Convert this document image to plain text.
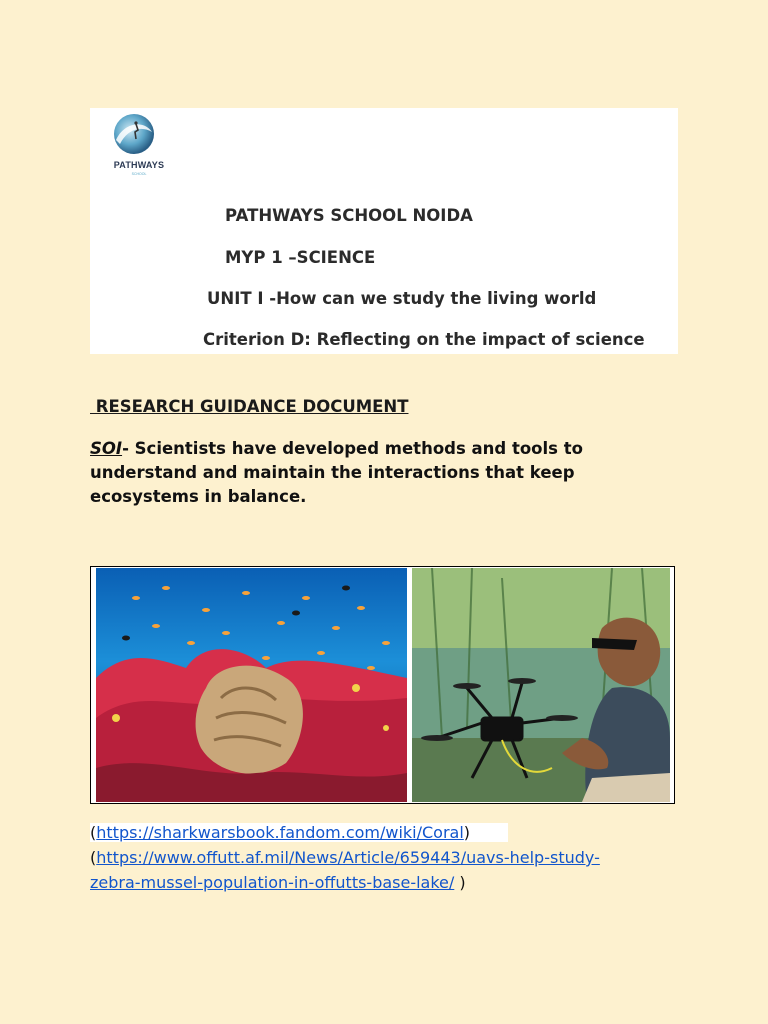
PATHWAYS
SCHOOL
PATHWAYS SCHOOL NOIDA
MYP 1 –SCIENCE
UNIT I -How can we study the living world
Criterion D: Reflecting on the impact of science
RESEARCH GUIDANCE DOCUMENT
SOI- Scientists have developed methods and tools to understand and maintain the interactions that keep ecosystems in balance.
(https://sharkwarsbook.fandom.com/wiki/Coral)
(https://www.offutt.af.mil/News/Article/659443/uavs-help-study-
zebra-mussel-population-in-offutts-base-lake/ )
